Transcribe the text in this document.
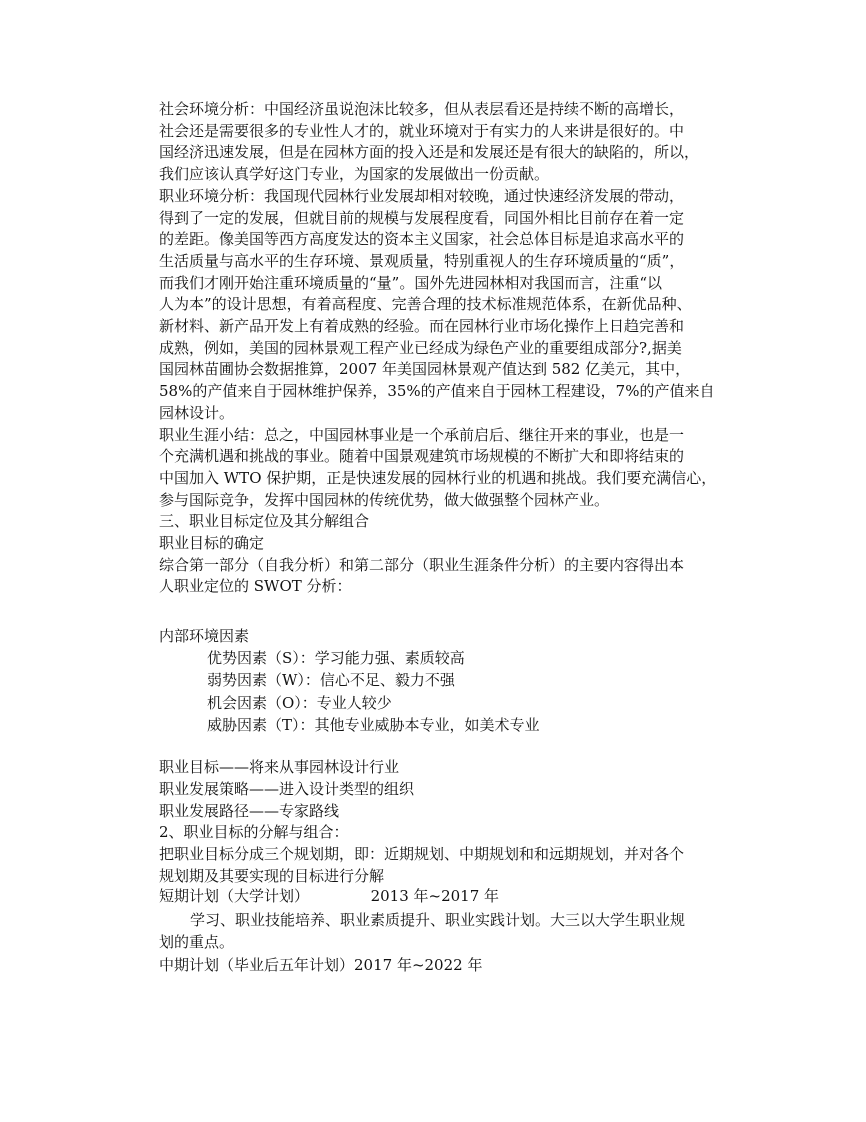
社会环境分析：中国经济虽说泡沫比较多，但从表层看还是持续不断的高增长，
社会还是需要很多的专业性人才的，就业环境对于有实力的人来讲是很好的。中
国经济迅速发展，但是在园林方面的投入还是和发展还是有很大的缺陷的，所以，
我们应该认真学好这门专业，为国家的发展做出一份贡献。
职业环境分析：我国现代园林行业发展却相对较晚，通过快速经济发展的带动，
得到了一定的发展，但就目前的规模与发展程度看，同国外相比目前存在着一定
的差距。像美国等西方高度发达的资本主义国家，社会总体目标是追求高水平的
生活质量与高水平的生存环境、景观质量，特别重视人的生存环境质量的“质”，
而我们才刚开始注重环境质量的“量”。国外先进园林相对我国而言，注重“以
人为本”的设计思想，有着高程度、完善合理的技术标准规范体系，在新优品种、
新材料、新产品开发上有着成熟的经验。而在园林行业市场化操作上日趋完善和
成熟，例如，美国的园林景观工程产业已经成为绿色产业的重要组成部分?,据美
国园林苗圃协会数据推算，2007 年美国园林景观产值达到 582 亿美元，其中，
58%的产值来自于园林维护保养，35%的产值来自于园林工程建设，7%的产值来自
园林设计。
职业生涯小结：总之，中国园林事业是一个承前启后、继往开来的事业，也是一
个充满机遇和挑战的事业。随着中国景观建筑市场规模的不断扩大和即将结束的
中国加入 WTO 保护期，正是快速发展的园林行业的机遇和挑战。我们要充满信心，
参与国际竞争，发挥中国园林的传统优势，做大做强整个园林产业。
三、职业目标定位及其分解组合
职业目标的确定
综合第一部分（自我分析）和第二部分（职业生涯条件分析）的主要内容得出本
人职业定位的 SWOT 分析：
内部环境因素
优势因素（S）：学习能力强、素质较高
弱势因素（W）：信心不足、毅力不强
机会因素（O）：专业人较少
威胁因素（T）：其他专业威胁本专业，如美术专业
职业目标——将来从事园林设计行业
职业发展策略——进入设计类型的组织
职业发展路径——专家路线
2、职业目标的分解与组合：
把职业目标分成三个规划期，即：近期规划、中期规划和和远期规划，并对各个
规划期及其要实现的目标进行分解
短期计划（大学计划）	2013 年~2017 年
学习、职业技能培养、职业素质提升、职业实践计划。大三以大学生职业规
划的重点。
中期计划（毕业后五年计划）2017 年~2022 年
